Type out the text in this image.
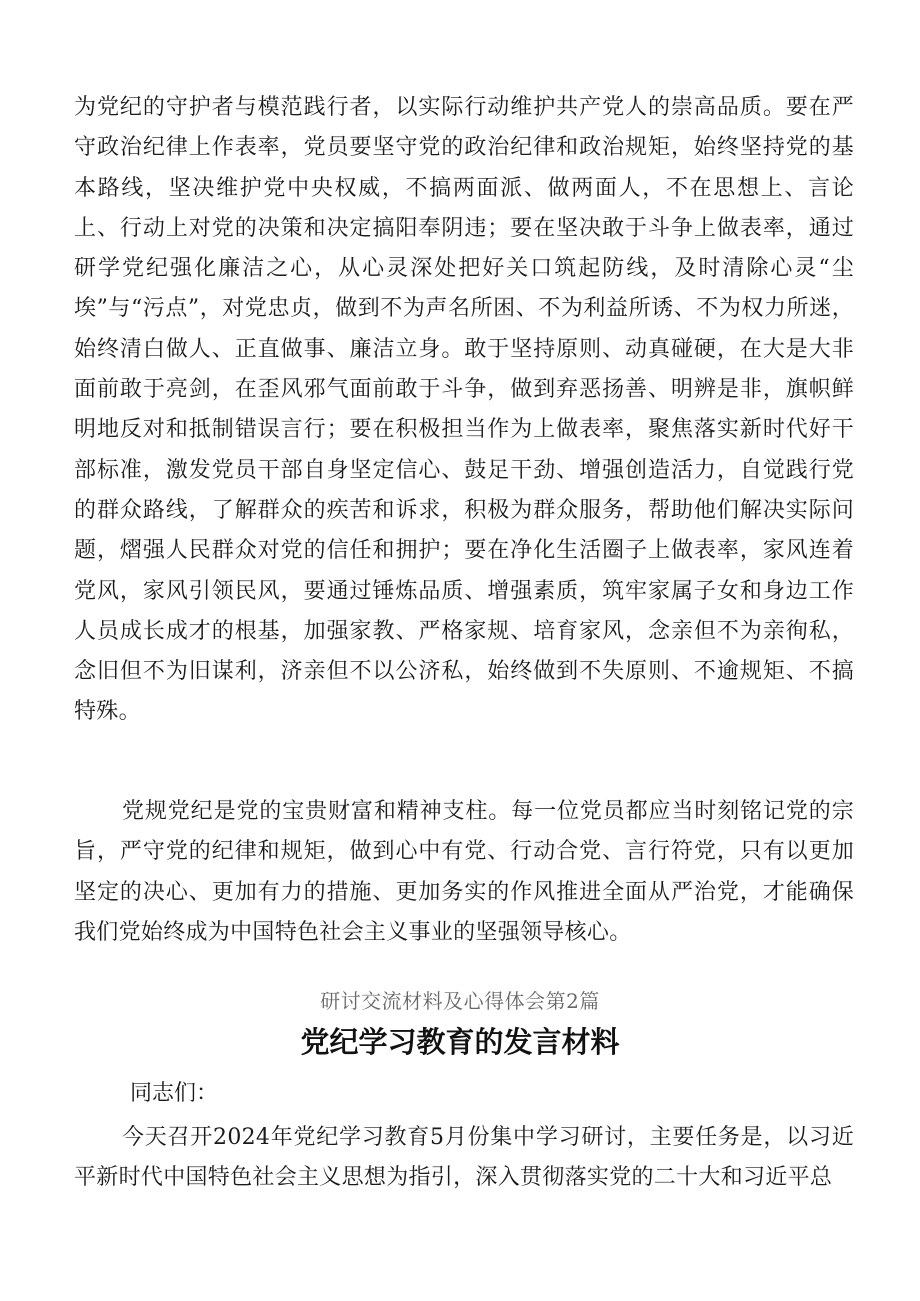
为党纪的守护者与模范践行者，以实际行动维护共产党人的崇高品质。要在严守政治纪律上作表率，党员要坚守党的政治纪律和政治规矩，始终坚持党的基本路线，坚决维护党中央权威，不搞两面派、做两面人，不在思想上、言论上、行动上对党的决策和决定搞阳奉阴违；要在坚决敢于斗争上做表率，通过研学党纪强化廉洁之心，从心灵深处把好关口筑起防线，及时清除心灵“尘埃”与“污点”，对党忠贞，做到不为声名所困、不为利益所诱、不为权力所迷，始终清白做人、正直做事、廉洁立身。敢于坚持原则、动真碰硬，在大是大非面前敢于亮剑，在歪风邪气面前敢于斗争，做到弃恶扬善、明辨是非，旗帜鲜明地反对和抵制错误言行；要在积极担当作为上做表率，聚焦落实新时代好干部标准，激发党员干部自身坚定信心、鼓足干劲、增强创造活力，自觉践行党的群众路线，了解群众的疾苦和诉求，积极为群众服务，帮助他们解决实际问题，熠强人民群众对党的信任和拥护；要在净化生活圈子上做表率，家风连着党风，家风引领民风，要通过锤炼品质、增强素质，筑牢家属子女和身边工作人员成长成才的根基，加强家教、严格家规、培育家风，念亲但不为亲徇私，念旧但不为旧谋利，济亲但不以公济私，始终做到不失原则、不逾规矩、不搞特殊。

党规党纪是党的宝贵财富和精神支柱。每一位党员都应当时刻铭记党的宗旨，严守党的纪律和规矩，做到心中有党、行动合党、言行符党，只有以更加坚定的决心、更加有力的措施、更加务实的作风推进全面从严治党，才能确保我们党始终成为中国特色社会主义事业的坚强领导核心。

研讨交流材料及心得体会第2篇

党纪学习教育的发言材料

同志们：

今天召开2024年党纪学习教育5月份集中学习研讨，主要任务是，以习近平新时代中国特色社会主义思想为指引，深入贯彻落实党的二十大和习近平总
